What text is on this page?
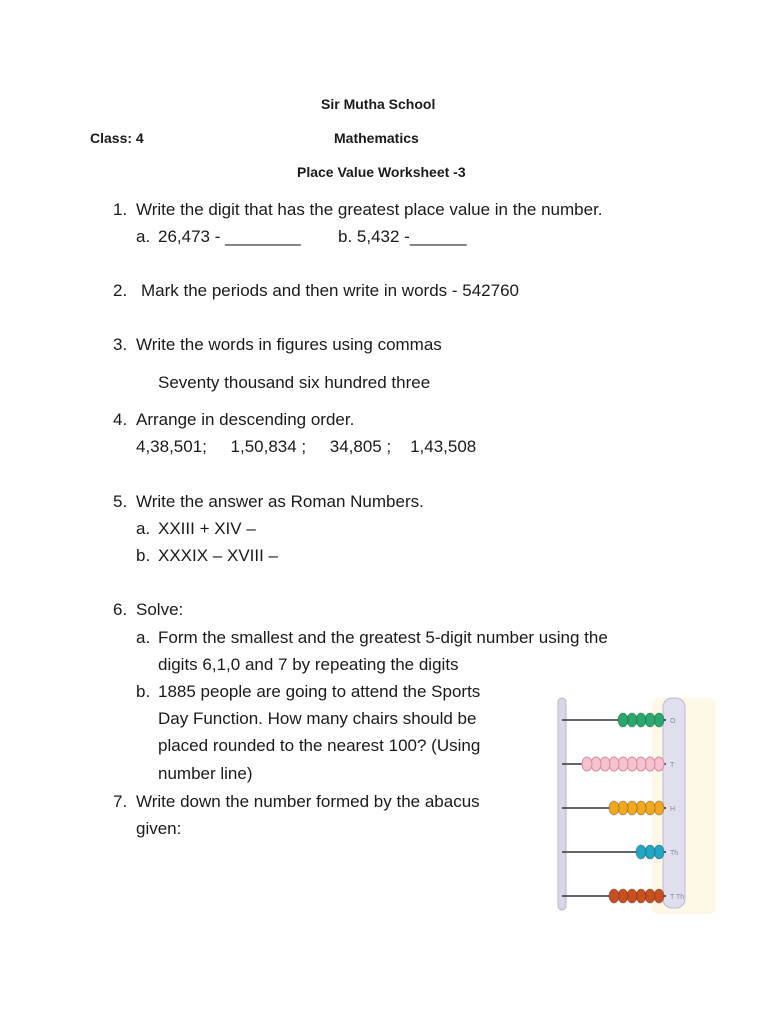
Sir Mutha School
Class: 4	Mathematics
Place Value Worksheet -3
1. Write the digit that has the greatest place value in the number.
a. 26,473 - ________ b. 5,432 -______
2. Mark the periods and then write in words - 542760
3. Write the words in figures using commas
Seventy thousand six hundred three
4. Arrange in descending order.
4,38,501;     1,50,834 ;     34,805 ;    1,43,508
5. Write the answer as Roman Numbers.
a. XXIII + XIV –
b. XXXIX – XVIII –
6. Solve:
a. Form the smallest and the greatest 5-digit number using the
digits 6,1,0 and 7 by repeating the digits
b. 1885 people are going to attend the Sports
Day Function. How many chairs should be
placed rounded to the nearest 100? (Using
number line)
7. Write down the number formed by the abacus
given:
O
T
H
Th
T Th
